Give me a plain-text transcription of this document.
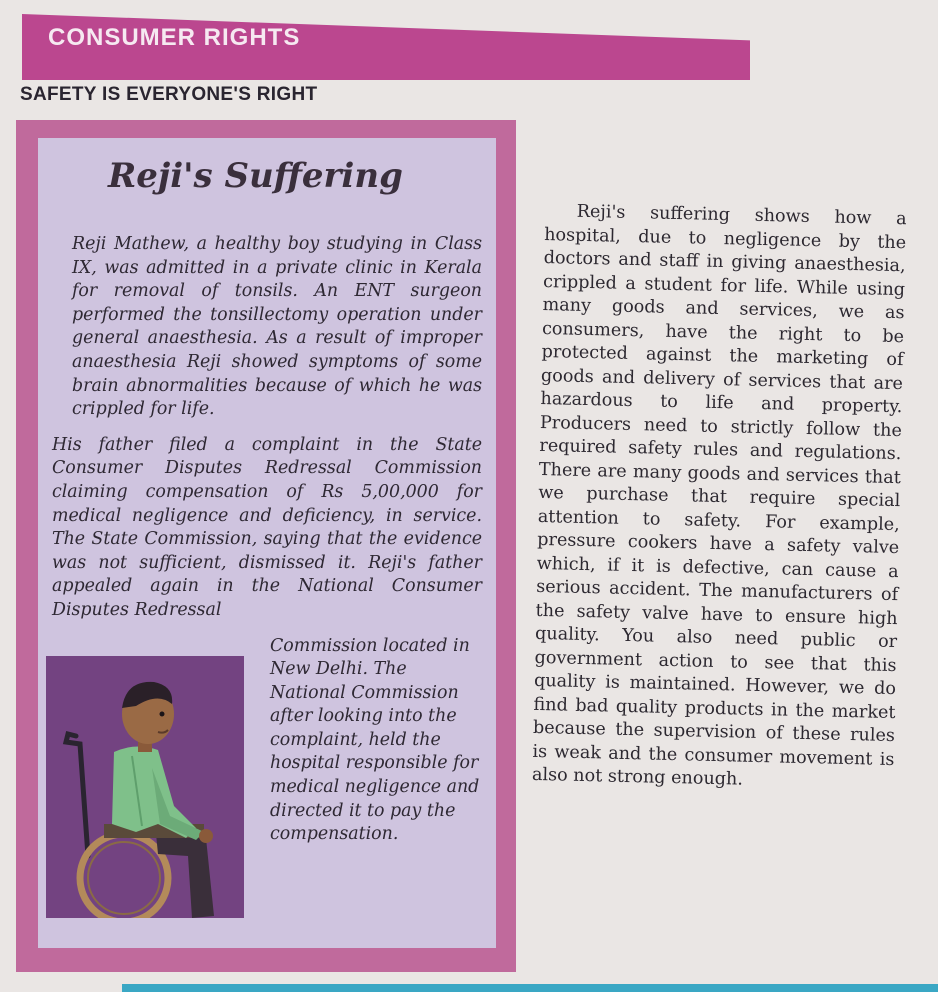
CONSUMER RIGHTS
SAFETY IS EVERYONE'S RIGHT
Reji's Suffering

Reji Mathew, a healthy boy studying in Class IX, was admitted in a private clinic in Kerala for removal of tonsils. An ENT surgeon performed the tonsillectomy operation under general anaesthesia. As a result of improper anaesthesia Reji showed symptoms of some brain abnormalities because of which he was crippled for life.

His father filed a complaint in the State Consumer Disputes Redressal Commission claiming compensation of Rs 5,00,000 for medical negligence and deficiency, in service. The State Commission, saying that the evidence was not sufficient, dismissed it. Reji's father appealed again in the National Consumer Disputes Redressal

Commission located in New Delhi. The National Commission after looking into the complaint, held the hospital responsible for medical negligence and directed it to pay the compensation.

Reji's suffering shows how a hospital, due to negligence by the doctors and staff in giving anaesthesia, crippled a student for life. While using many goods and services, we as consumers, have the right to be protected against the marketing of goods and delivery of services that are hazardous to life and property. Producers need to strictly follow the required safety rules and regulations. There are many goods and services that we purchase that require special attention to safety. For example, pressure cookers have a safety valve which, if it is defective, can cause a serious accident. The manufacturers of the safety valve have to ensure high quality. You also need public or government action to see that this quality is maintained. However, we do find bad quality products in the market because the supervision of these rules is weak and the consumer movement is also not strong enough.
